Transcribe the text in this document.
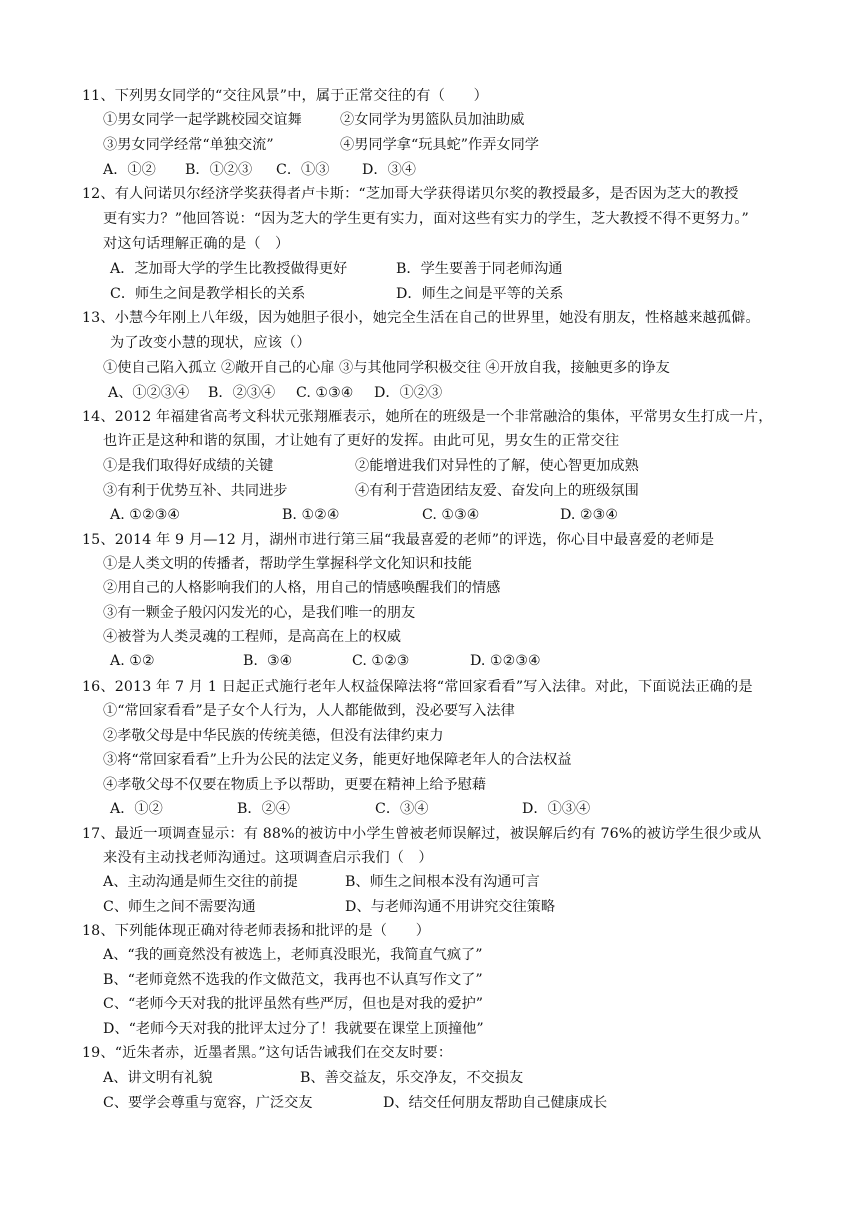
11、下列男女同学的“交往风景”中，属于正常交往的有（　　）
①男女同学一起学跳校园交谊舞	②女同学为男篮队员加油助威
③男女同学经常“单独交流”	④男同学拿“玩具蛇”作弄女同学
A．①② B．①②③ C．①③ D．③④
12、有人问诺贝尔经济学奖获得者卢卡斯：“芝加哥大学获得诺贝尔奖的教授最多，是否因为芝大的教授
更有实力？”他回答说：“因为芝大的学生更有实力，面对这些有实力的学生，芝大教授不得不更努力。”
对这句话理解正确的是（　）
A．芝加哥大学的学生比教授做得更好	B．学生要善于同老师沟通
C．师生之间是教学相长的关系	D．师生之间是平等的关系
13、小慧今年刚上八年级，因为她胆子很小，她完全生活在自己的世界里，她没有朋友，性格越来越孤僻。
为了改变小慧的现状，应该（）
①使自己陷入孤立 ②敞开自己的心扉 ③与其他同学积极交往 ④开放自我，接触更多的诤友
A、①②③④ B．②③④ C. ①③④ D．①②③
14、2012 年福建省高考文科状元张翔雁表示，她所在的班级是一个非常融洽的集体，平常男女生打成一片，
也许正是这种和谐的氛围，才让她有了更好的发挥。由此可见，男女生的正常交往
①是我们取得好成绩的关键	②能增进我们对异性的了解，使心智更加成熟
③有利于优势互补、共同进步	④有利于营造团结友爱、奋发向上的班级氛围
A. ①②③④	B. ①②④	C. ①③④	D. ②③④
15、2014 年 9 月—12 月，湖州市进行第三届“我最喜爱的老师”的评选，你心目中最喜爱的老师是
①是人类文明的传播者，帮助学生掌握科学文化知识和技能
②用自己的人格影响我们的人格，用自己的情感唤醒我们的情感
③有一颗金子般闪闪发光的心，是我们唯一的朋友
④被誉为人类灵魂的工程师，是高高在上的权威
A. ①②	B.  ③④	C. ①②③	D. ①②③④
16、2013 年 7 月 1 日起正式施行老年人权益保障法将“常回家看看”写入法律。对此，下面说法正确的是
①“常回家看看”是子女个人行为，人人都能做到，没必要写入法律
②孝敬父母是中华民族的传统美德，但没有法律约束力
③将“常回家看看”上升为公民的法定义务，能更好地保障老年人的合法权益
④孝敬父母不仅要在物质上予以帮助，更要在精神上给予慰藉
A．①②	B．②④	C．③④	D．①③④
17、最近一项调查显示：有 88%的被访中小学生曾被老师误解过，被误解后约有 76%的被访学生很少或从
来没有主动找老师沟通过。这项调查启示我们（　）
A、主动沟通是师生交往的前提	B、师生之间根本没有沟通可言
C、师生之间不需要沟通	D、与老师沟通不用讲究交往策略
18、下列能体现正确对待老师表扬和批评的是（　　）
A、“我的画竟然没有被选上，老师真没眼光，我简直气疯了”
B、“老师竟然不选我的作文做范文，我再也不认真写作文了”
C、“老师今天对我的批评虽然有些严厉，但也是对我的爱护”
D、“老师今天对我的批评太过分了！我就要在课堂上顶撞他”
19、“近朱者赤，近墨者黑。”这句话告诫我们在交友时要：
A、讲文明有礼貌	B、善交益友，乐交净友，不交损友
C、要学会尊重与宽容，广泛交友	D、结交任何朋友帮助自己健康成长
